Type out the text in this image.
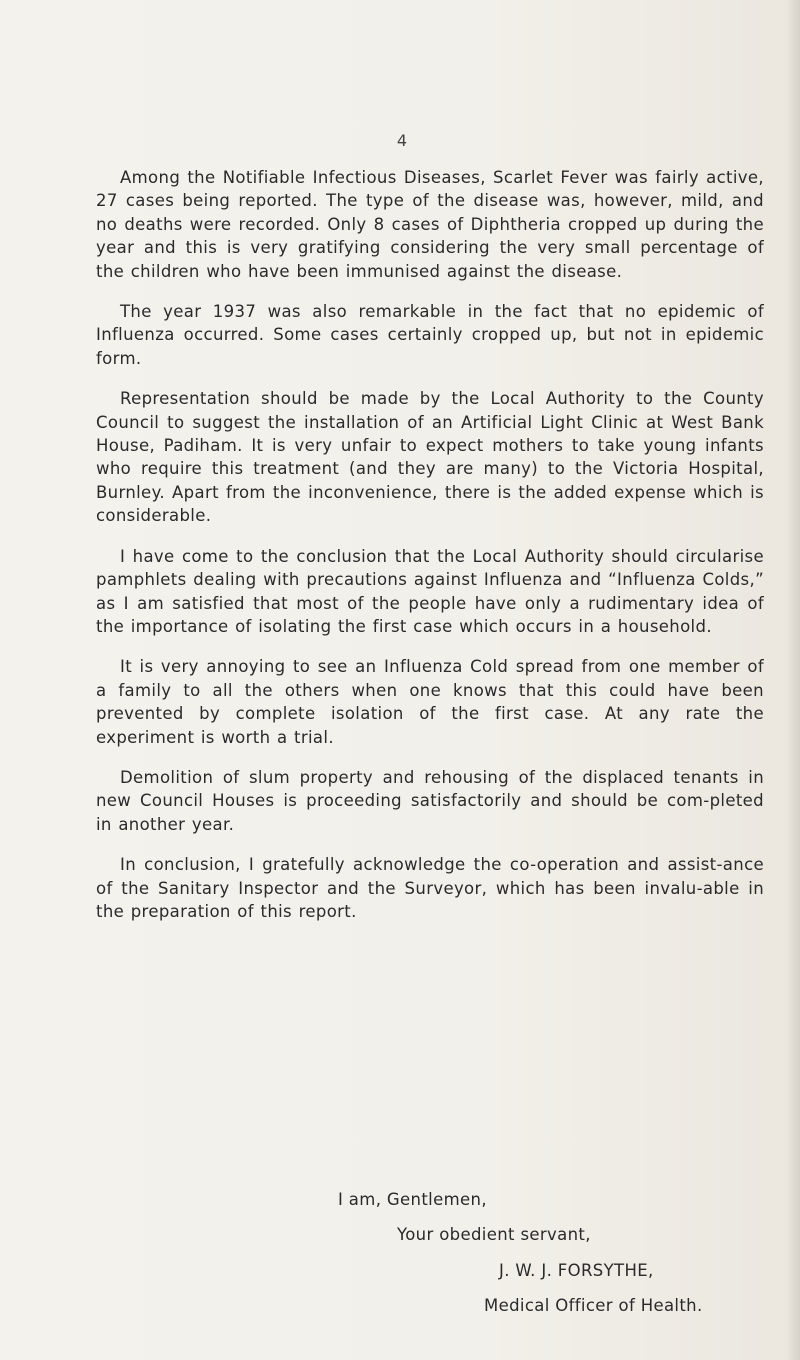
4

Among the Notifiable Infectious Diseases, Scarlet Fever was fairly active, 27 cases being reported. The type of the disease was, however, mild, and no deaths were recorded. Only 8 cases of Diphtheria cropped up during the year and this is very gratifying considering the very small percentage of the children who have been immunised against the disease.

The year 1937 was also remarkable in the fact that no epidemic of Influenza occurred. Some cases certainly cropped up, but not in epidemic form.

Representation should be made by the Local Authority to the County Council to suggest the installation of an Artificial Light Clinic at West Bank House, Padiham. It is very unfair to expect mothers to take young infants who require this treatment (and they are many) to the Victoria Hospital, Burnley. Apart from the inconvenience, there is the added expense which is considerable.

I have come to the conclusion that the Local Authority should circularise pamphlets dealing with precautions against Influenza and “Influenza Colds,” as I am satisfied that most of the people have only a rudimentary idea of the importance of isolating the first case which occurs in a household.

It is very annoying to see an Influenza Cold spread from one member of a family to all the others when one knows that this could have been prevented by complete isolation of the first case. At any rate the experiment is worth a trial.

Demolition of slum property and rehousing of the displaced tenants in new Council Houses is proceeding satisfactorily and should be com-pleted in another year.

In conclusion, I gratefully acknowledge the co-operation and assist-ance of the Sanitary Inspector and the Surveyor, which has been invalu-able in the preparation of this report.

I am, Gentlemen,
Your obedient servant,
J. W. J. FORSYTHE,
Medical Officer of Health.
